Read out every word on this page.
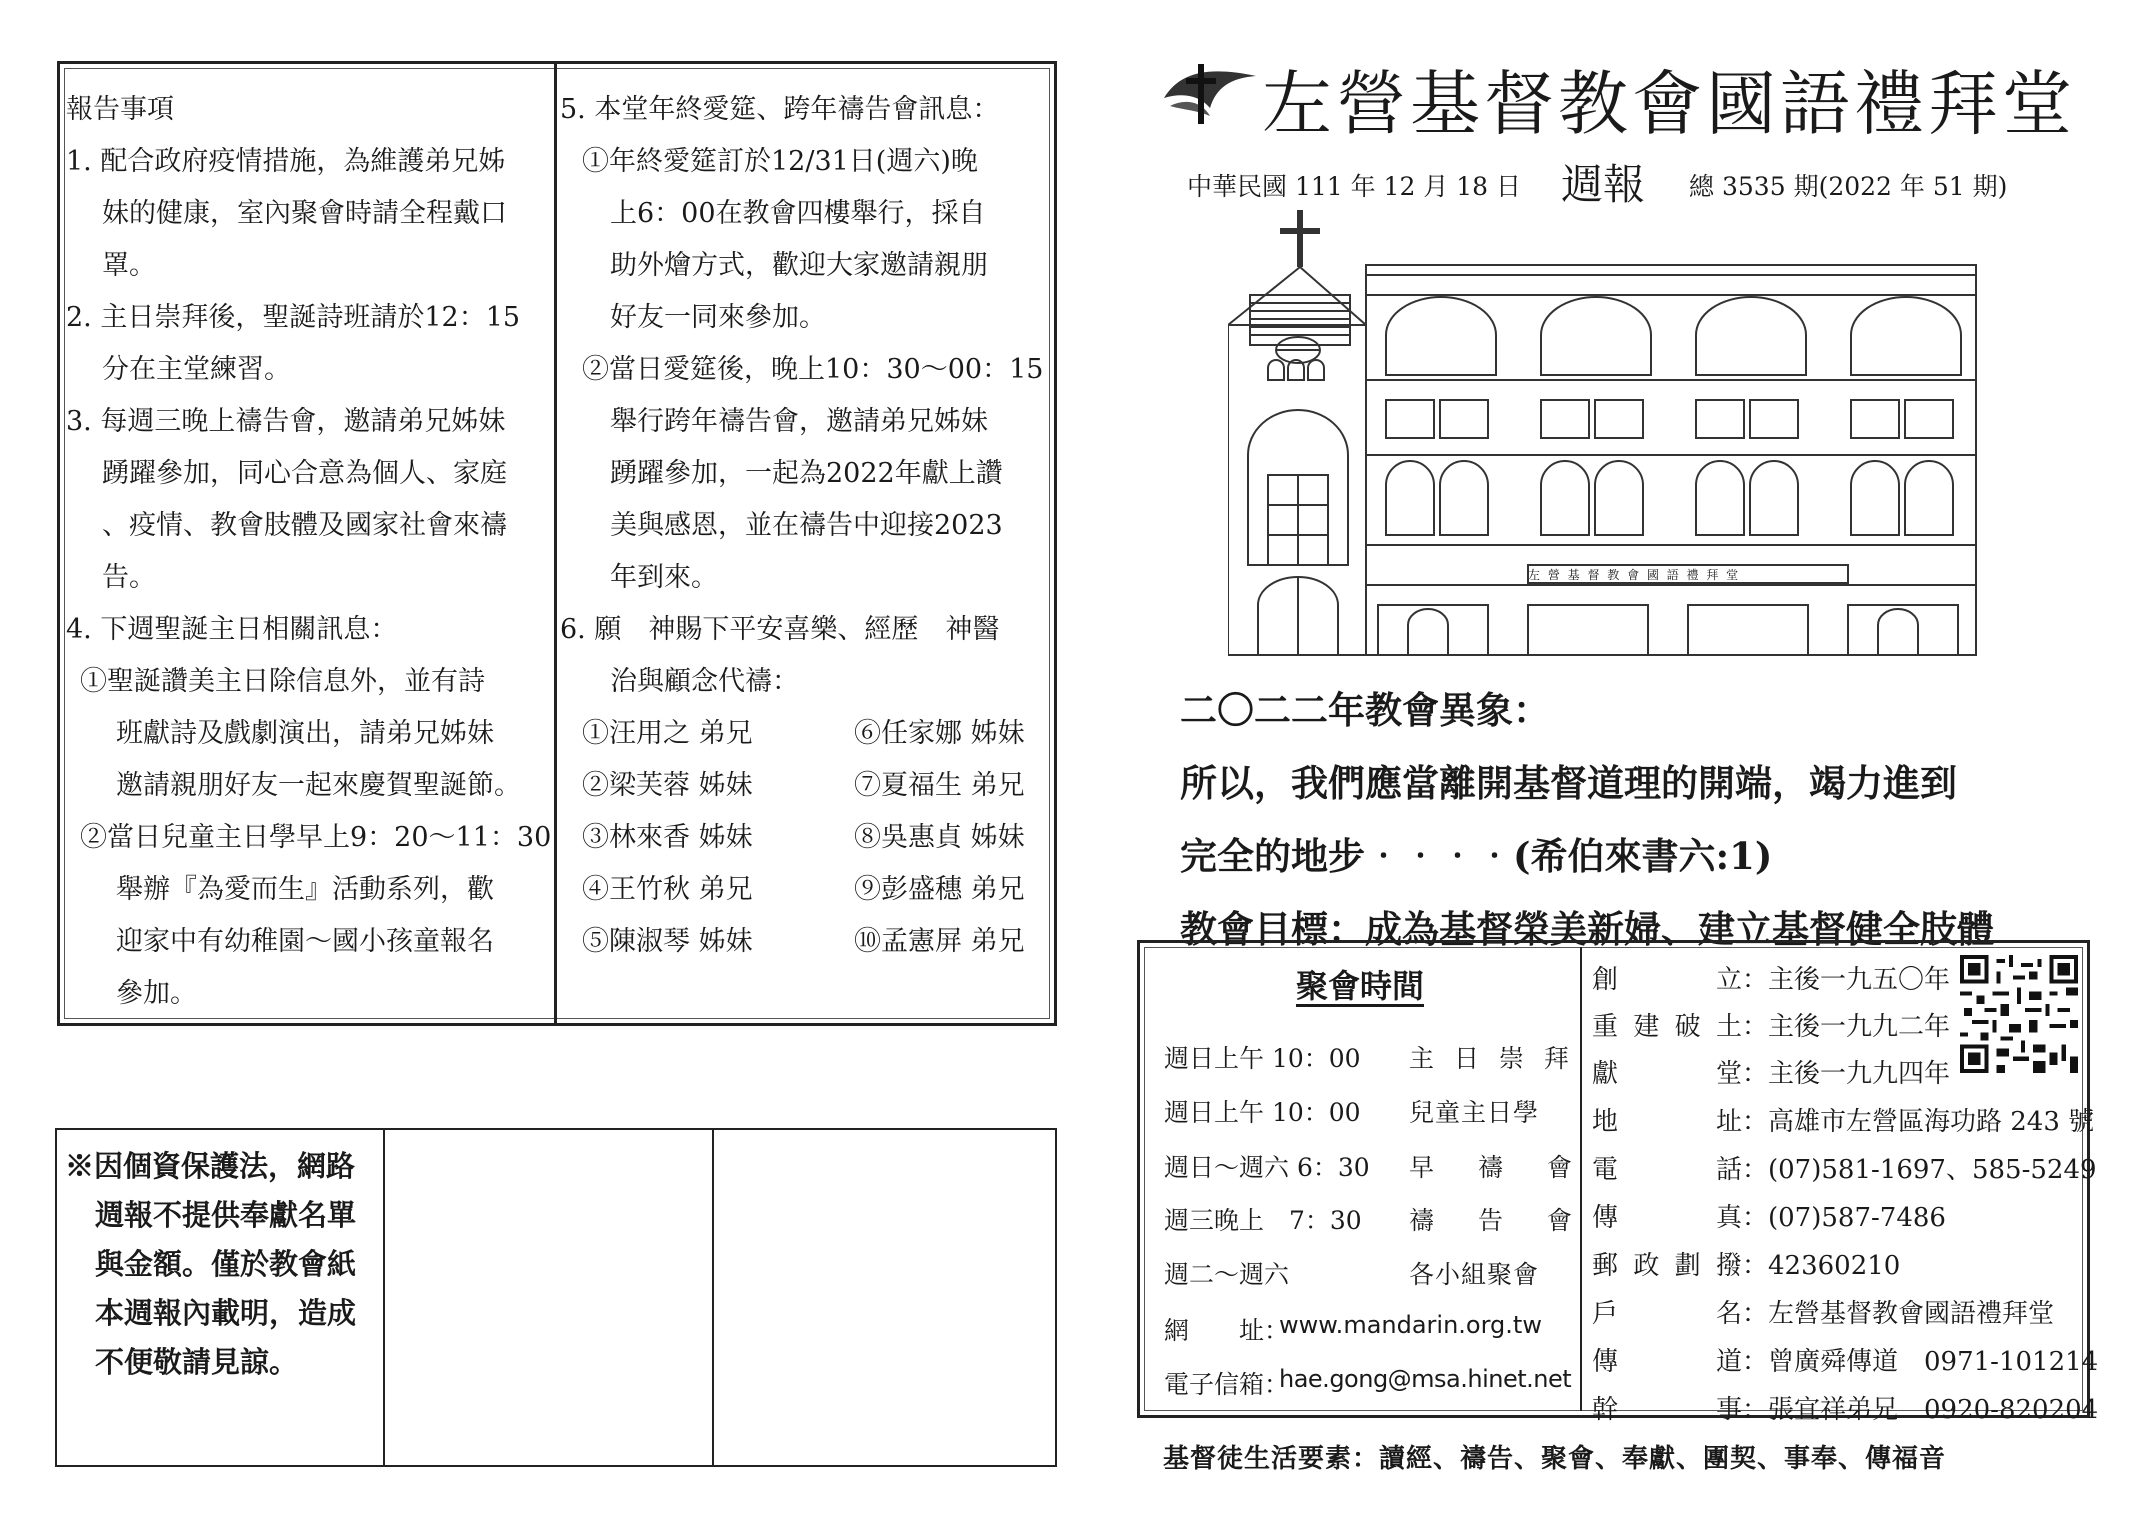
報告事項
1. 配合政府疫情措施，為維護弟兄姊
妹的健康，室內聚會時請全程戴口
罩。
2. 主日崇拜後，聖誕詩班請於12：15
分在主堂練習。
3. 每週三晚上禱告會，邀請弟兄姊妹
踴躍參加，同心合意為個人、家庭
、疫情、教會肢體及國家社會來禱
告。
4. 下週聖誕主日相關訊息：
①聖誕讚美主日除信息外，並有詩
班獻詩及戲劇演出，請弟兄姊妹
邀請親朋好友一起來慶賀聖誕節。
②當日兒童主日學早上9：20～11：30
舉辦『為愛而生』活動系列，歡
迎家中有幼稚園～國小孩童報名
參加。
5. 本堂年終愛筵、跨年禱告會訊息：
①年終愛筵訂於12/31日(週六)晚
上6：00在教會四樓舉行，採自
助外燴方式，歡迎大家邀請親朋
好友一同來參加。
②當日愛筵後，晚上10：30～00：15
舉行跨年禱告會，邀請弟兄姊妹
踴躍參加，一起為2022年獻上讚
美與感恩，並在禱告中迎接2023
年到來。
6. 願　神賜下平安喜樂、經歷　神醫
治與顧念代禱：
①汪用之 弟兄	⑥任家娜 姊妹
②梁芙蓉 姊妹	⑦夏福生 弟兄
③林來香 姊妹	⑧吳惠貞 姊妹
④王竹秋 弟兄	⑨彭盛穗 弟兄
⑤陳淑琴 姊妹	⑩孟憲屏 弟兄
※因個資保護法，網路
週報不提供奉獻名單
與金額。僅於教會紙
本週報內載明，造成
不便敬請見諒。
左營基督教會國語禮拜堂
中華民國 111 年 12 月 18 日 週報 總 3535 期(2022 年 51 期)
左 營 基 督 教 會 國 語 禮 拜 堂
二〇二二年教會異象：
所以，我們應當離開基督道理的開端，竭力進到
完全的地步‧‧‧‧(希伯來書六:1)
教會目標：成為基督榮美新婦、建立基督健全肢體
聚會時間
週日上午 10：00 主 日 崇 拜
週日上午 10：00 兒童主日學
週日～週六 6：30 早 禱 會
週三晚上　7：30 禱 告 會
週二～週六	各小組聚會
網　　址：
www.mandarin.org.tw
電子信箱：
hae.gong@msa.hinet.net
創　　立：主後一九五〇年
重建破土：主後一九九二年
獻　　堂：主後一九九四年
地　　址：高雄市左營區海功路 243 號
電　　話：(07)581-1697、585-5249
傳　　真：(07)587-7486
郵政劃撥：42360210
戶　　名：左營基督教會國語禮拜堂
傳　　道：曾廣舜傳道　0971-101214
幹　　事：張宜祥弟兄　0920-820204
基督徒生活要素：讀經、禱告、聚會、奉獻、團契、事奉、傳福音
